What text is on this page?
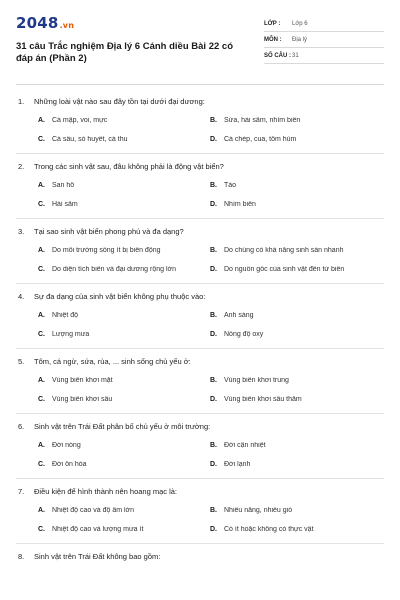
2048.vn
31 câu Trắc nghiệm Địa lý 6 Cánh diều Bài 22 có đáp án (Phần 2)
LỚP :	Lớp 6
MÔN :	Địa lý
SỐ CÂU : 31
1. Những loài vật nào sau đây tồn tại dưới đại dương:
A. Cá mập, voi, mực	B. Sứa, hải sâm, nhím biển
C. Cá sấu, sò huyết, cá thu	D. Cá chép, cua, tôm hùm
2. Trong các sinh vật sau, đâu không phải là động vật biển?
A. San hô	B. Tảo
C. Hải sâm	D. Nhím biển
3. Tại sao sinh vật biển phong phú và đa dạng?
A. Do môi trường sống ít bị biến động	B. Do chúng có khả năng sinh sản nhanh
C. Do diện tích biển và đại dương rộng lớn	D. Do nguồn gốc của sinh vật đến từ biển
4. Sự đa dạng của sinh vật biển không phụ thuộc vào:
A. Nhiệt độ	B. Ánh sáng
C. Lượng mưa	D. Nồng độ oxy
5. Tôm, cá ngừ, sứa, rùa, ... sinh sống chủ yếu ở:
A. Vùng biển khơi mặt	B. Vùng biển khơi trung
C. Vùng biển khơi sâu	D. Vùng biển khơi sâu thẳm
6. Sinh vật trên Trái Đất phân bố chủ yếu ở môi trường:
A. Đới nóng	B. Đới cận nhiệt
C. Đới ôn hòa	D. Đới lạnh
7. Điều kiện để hình thành nên hoang mạc là:
A. Nhiệt độ cao và độ ẩm lớn	B. Nhiều nắng, nhiều gió
C. Nhiệt độ cao và lượng mưa ít	D. Có ít hoặc không có thực vật
8. Sinh vật trên Trái Đất không bao gồm:
